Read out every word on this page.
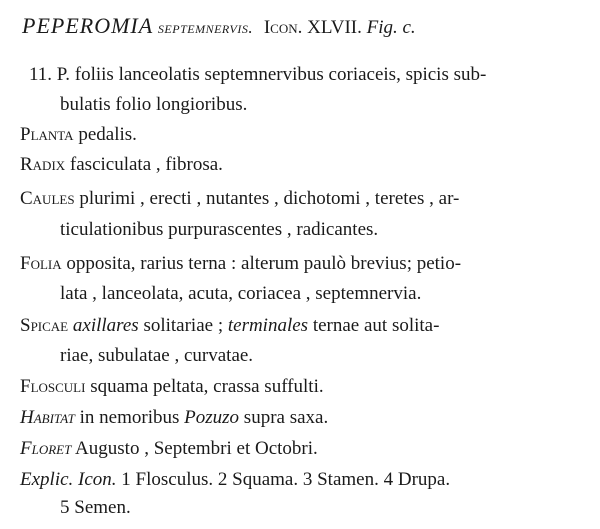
PEPEROMIA septemnervis. Icon. XLVII. Fig. c.
11. P. foliis lanceolatis septemnervibus coriaceis, spicis sub-
bulatis folio longioribus.
Planta pedalis.
Radix fasciculata , fibrosa.
Caules plurimi , erecti , nutantes , dichotomi , teretes , ar-
ticulationibus purpurascentes , radicantes.
Folia opposita, rarius terna : alterum paulò brevius; petio-
lata , lanceolata, acuta, coriacea , septemnervia.
Spicae axillares solitariae ; terminales ternae aut solita-
riae, subulatae , curvatae.
Flosculi squama peltata, crassa suffulti.
Habitat in nemoribus Pozuzo supra saxa.
Floret Augusto , Septembri et Octobri.
Explic. Icon. 1 Flosculus. 2 Squama. 3 Stamen. 4 Drupa.
5 Semen.
